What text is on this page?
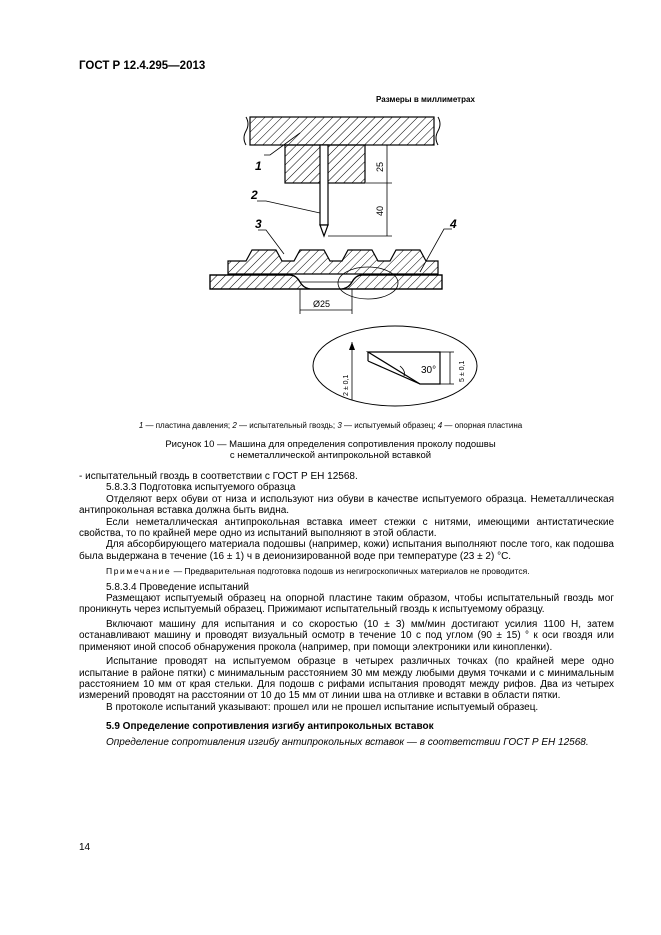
ГОСТ Р 12.4.295—2013
Размеры в миллиметрах
25
40
Ø25
1
2
3	4
30°
2 ± 0,1
5 ± 0,1
1 — пластина давления; 2 — испытательный гвоздь; 3 — испытуемый образец; 4 — опорная пластина
Рисунок 10 — Машина для определения сопротивления проколу подошвы
с неметаллической антипрокольной вставкой

- испытательный гвоздь в соответствии с ГОСТ Р ЕН 12568.

5.8.3.3 Подготовка испытуемого образца

Отделяют верх обуви от низа и используют низ обуви в качестве испытуемого образца. Неметаллическая антипрокольная вставка должна быть видна.

Если неметаллическая антипрокольная вставка имеет стежки с нитями, имеющими антистатические свойства, то по крайней мере одно из испытаний выполняют в этой области.

Для абсорбирующего материала подошвы (например, кожи) испытания выполняют после того, как подошва была выдержана в течение (16 ± 1) ч в деионизированной воде при температуре (23 ± 2) °С.

Примечание — Предварительная подготовка подошв из негигроскопичных материалов не проводится.

5.8.3.4 Проведение испытаний

Размещают испытуемый образец на опорной пластине таким образом, чтобы испытательный гвоздь мог проникнуть через испытуемый образец. Прижимают испытательный гвоздь к испытуемому образцу.

Включают машину для испытания и со скоростью (10 ± 3) мм/мин достигают усилия 1100 Н, затем останавливают машину и проводят визуальный осмотр в течение 10 с под углом (90 ± 15) ° к оси гвоздя или применяют иной способ обнаружения прокола (например, при помощи электроники или кинопленки).

Испытание проводят на испытуемом образце в четырех различных точках (по крайней мере одно испытание в районе пятки) с минимальным расстоянием 30 мм между любыми двумя точками и с минимальным расстоянием 10 мм от края стельки. Для подошв с рифами испытания проводят между рифов. Два из четырех измерений проводят на расстоянии от 10 до 15 мм от линии шва на отливке и вставки в области пятки.

В протоколе испытаний указывают: прошел или не прошел испытание испытуемый образец.

5.9 Определение сопротивления изгибу антипрокольных вставок

Определение сопротивления изгибу антипрокольных вставок — в соответствии ГОСТ Р ЕН 12568.

14
